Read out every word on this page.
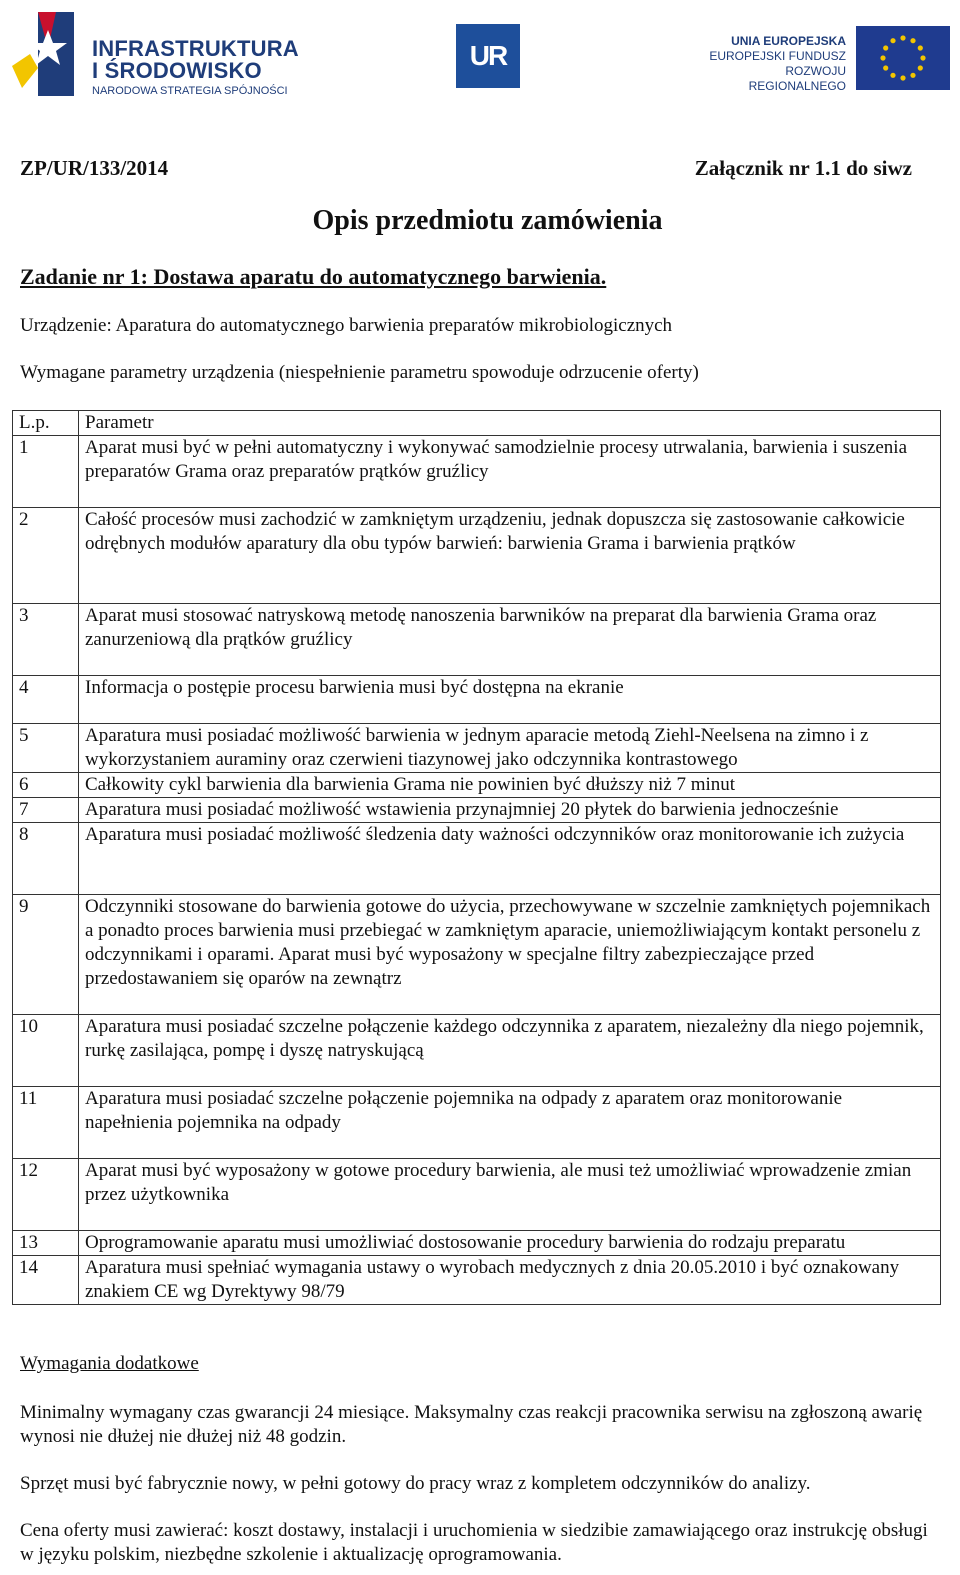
INFRASTRUKTURA
I ŚRODOWISKO
NARODOWA STRATEGIA SPÓJNOŚCI
UR	UNIA EUROPEJSKA
EUROPEJSKI FUNDUSZ
ROZWOJU REGIONALNEGO
ZP/UR/133/2014	Załącznik nr 1.1 do siwz
Opis przedmiotu zamówienia
Zadanie nr 1: Dostawa aparatu do automatycznego barwienia.
Urządzenie: Aparatura do automatycznego barwienia preparatów mikrobiologicznych
Wymagane parametry urządzenia (niespełnienie parametru spowoduje odrzucenie oferty)
L.p.	Parametr
1	Aparat musi być w pełni automatyczny i wykonywać samodzielnie procesy utrwalania, barwienia i suszenia preparatów Grama oraz preparatów prątków gruźlicy
2	Całość procesów musi zachodzić w zamkniętym urządzeniu, jednak dopuszcza się zastosowanie całkowicie odrębnych modułów aparatury dla obu typów barwień: barwienia Grama i barwienia prątków
3	Aparat musi stosować natryskową metodę nanoszenia barwników na preparat dla barwienia Grama oraz zanurzeniową dla prątków gruźlicy
4	Informacja o postępie procesu barwienia musi być dostępna na ekranie
5	Aparatura musi posiadać możliwość barwienia w jednym aparacie metodą Ziehl-Neelsena na zimno i z wykorzystaniem auraminy oraz czerwieni tiazynowej jako odczynnika kontrastowego
6	Całkowity cykl barwienia dla barwienia Grama nie powinien być dłuższy niż 7 minut
7	Aparatura musi posiadać możliwość wstawienia przynajmniej 20 płytek do barwienia jednocześnie
8	Aparatura musi posiadać możliwość śledzenia daty ważności odczynników oraz monitorowanie ich zużycia
9	Odczynniki stosowane do barwienia gotowe do użycia, przechowywane w szczelnie zamkniętych pojemnikach a ponadto proces barwienia musi przebiegać w zamkniętym aparacie, uniemożliwiającym kontakt personelu z odczynnikami i oparami. Aparat musi być wyposażony w specjalne filtry zabezpieczające przed przedostawaniem się oparów na zewnątrz
10	Aparatura musi posiadać szczelne połączenie każdego odczynnika z aparatem, niezależny dla niego pojemnik, rurkę zasilająca, pompę i dyszę natryskującą
11	Aparatura musi posiadać szczelne połączenie pojemnika na odpady z aparatem oraz monitorowanie napełnienia pojemnika na odpady
12	Aparat musi być wyposażony w gotowe procedury barwienia, ale musi też umożliwiać wprowadzenie zmian przez użytkownika
13	Oprogramowanie aparatu musi umożliwiać dostosowanie procedury barwienia do rodzaju preparatu
14	Aparatura musi spełniać wymagania ustawy o wyrobach medycznych z dnia 20.05.2010 i być oznakowany znakiem CE wg Dyrektywy 98/79
Wymagania dodatkowe
Minimalny wymagany czas gwarancji 24 miesiące. Maksymalny czas reakcji pracownika serwisu na zgłoszoną awarię wynosi nie dłużej nie dłużej niż 48 godzin.
Sprzęt musi być fabrycznie nowy, w pełni gotowy do pracy wraz z kompletem odczynników do analizy.
Cena oferty musi zawierać: koszt dostawy, instalacji i uruchomienia w siedzibie zamawiającego oraz instrukcję obsługi w języku polskim, niezbędne szkolenie i aktualizację oprogramowania.
